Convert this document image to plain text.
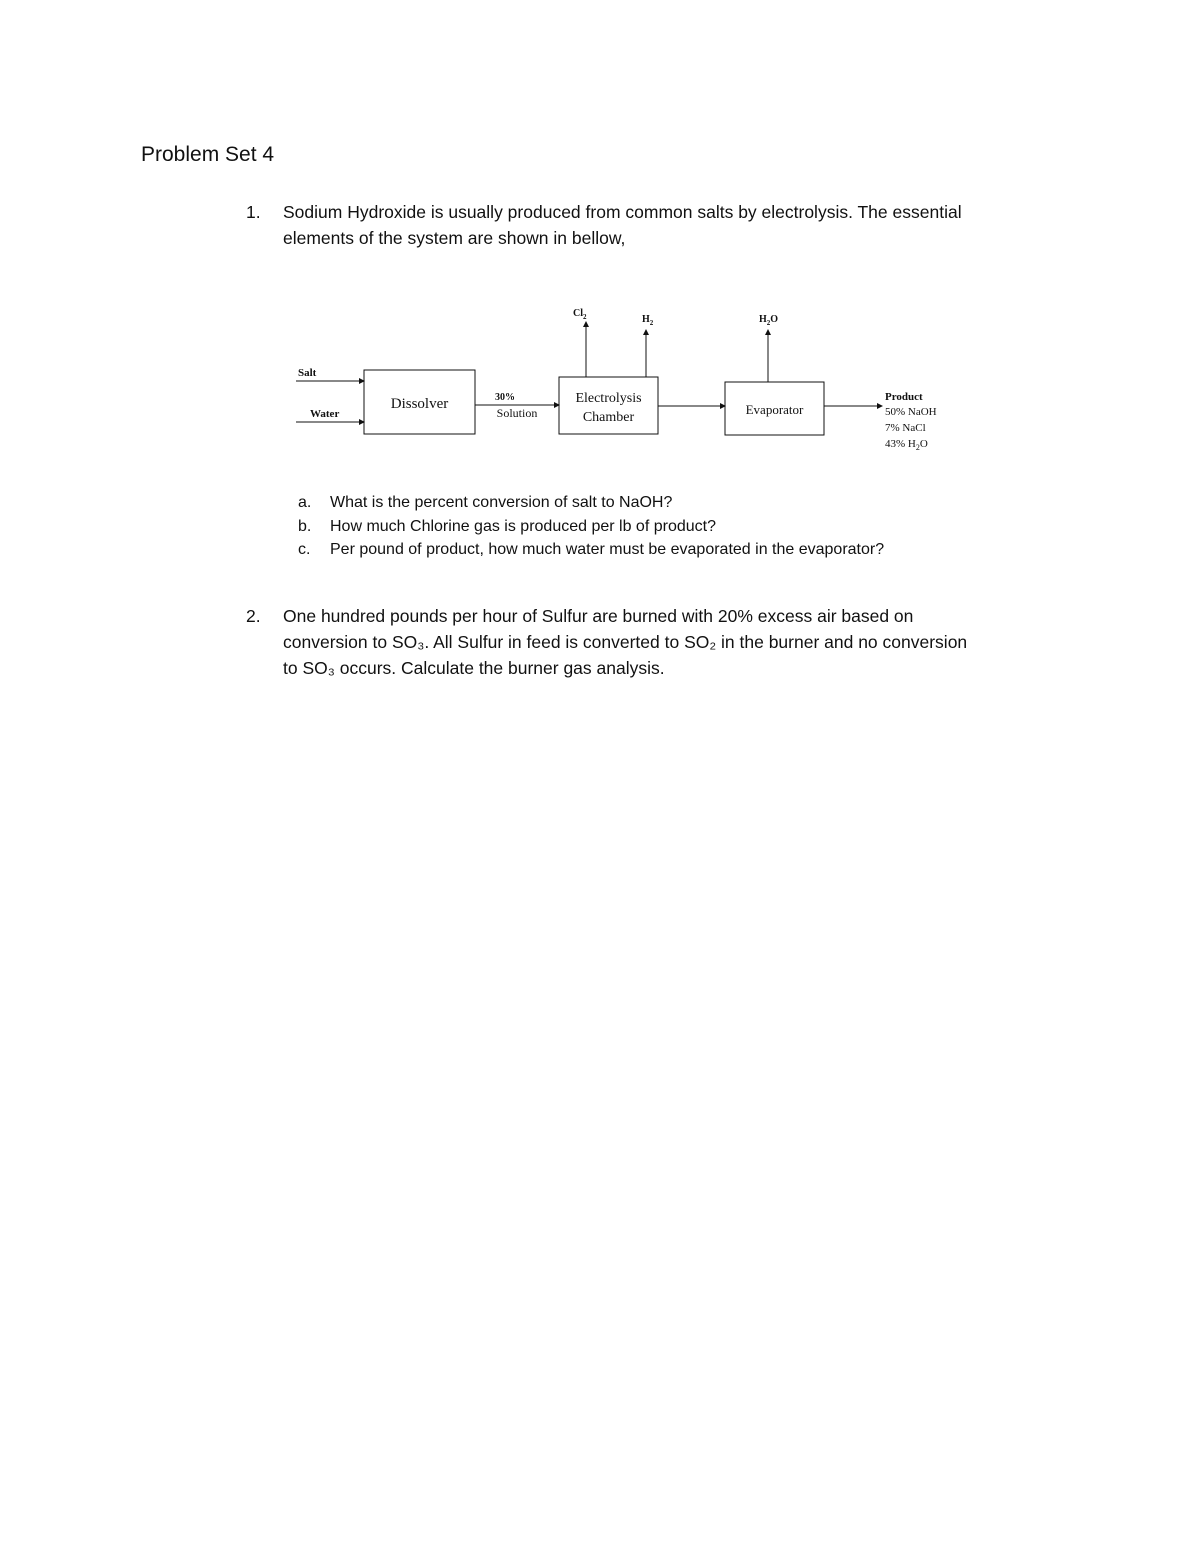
Problem Set 4
1. Sodium Hydroxide is usually produced from common salts by electrolysis. The essential
elements of the system are shown in bellow,
Salt
Water
Dissolver	30%
Solution
Electrolysis
Chamber
$Cl_2$	$H_2$
Evaporator
$H_2O$
Product
50% NaOH
7% NaCl
43% $H_2O$
a. What is the percent conversion of salt to NaOH?
b. How much Chlorine gas is produced per lb of product?
c. Per pound of product, how much water must be evaporated in the evaporator?
2. One hundred pounds per hour of Sulfur are burned with 20% excess air based on
conversion to SO₃. All Sulfur in feed is converted to SO₂ in the burner and no conversion
to SO₃ occurs. Calculate the burner gas analysis.
